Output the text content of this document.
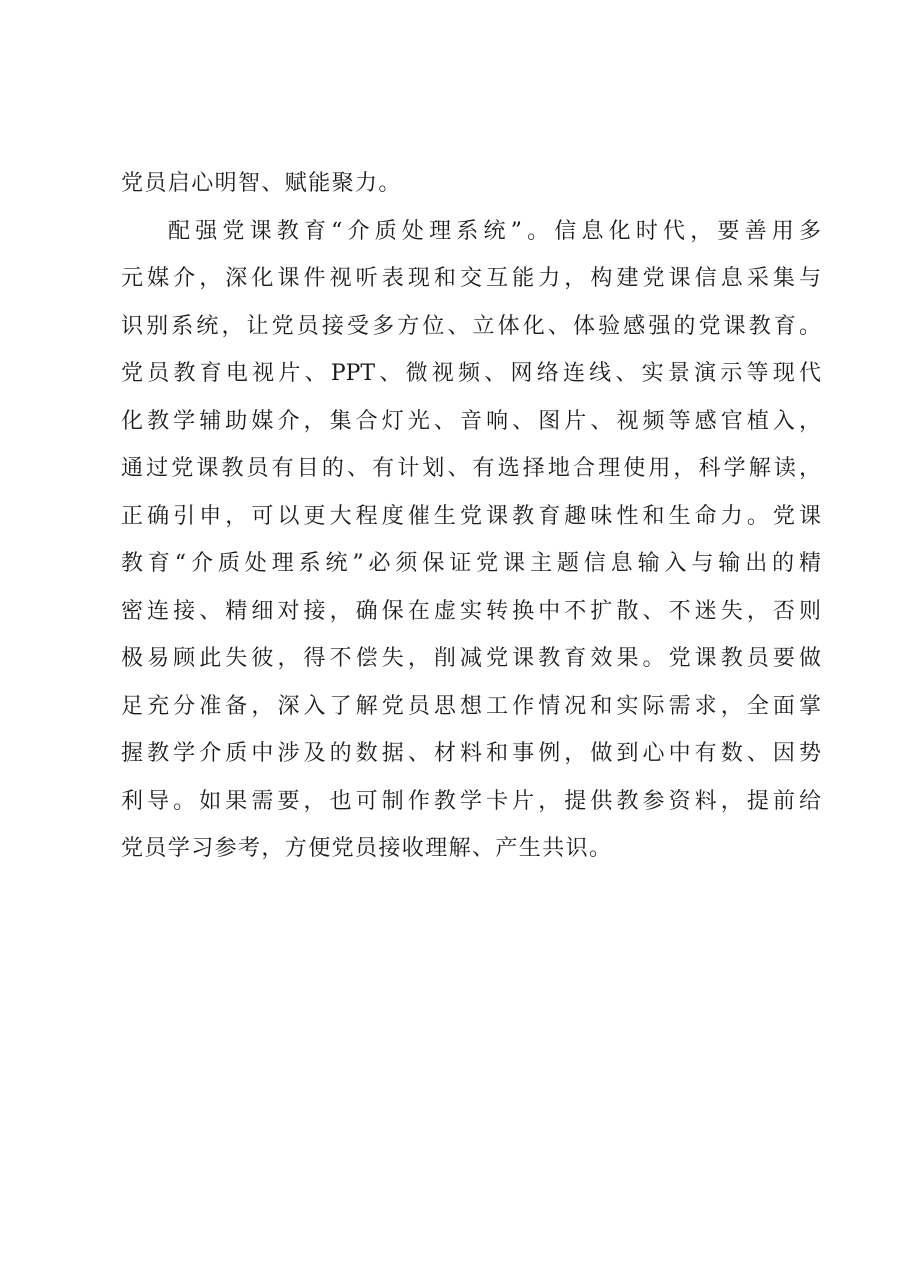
党员启心明智、赋能聚力。
配强党课教育“介质处理系统”。信息化时代，要善用多
元媒介，深化课件视听表现和交互能力，构建党课信息采集与
识别系统，让党员接受多方位、立体化、体验感强的党课教育。
党员教育电视片、PPT、微视频、网络连线、实景演示等现代
化教学辅助媒介，集合灯光、音响、图片、视频等感官植入，
通过党课教员有目的、有计划、有选择地合理使用，科学解读，
正确引申，可以更大程度催生党课教育趣味性和生命力。党课
教育“介质处理系统”必须保证党课主题信息输入与输出的精
密连接、精细对接，确保在虚实转换中不扩散、不迷失，否则
极易顾此失彼，得不偿失，削减党课教育效果。党课教员要做
足充分准备，深入了解党员思想工作情况和实际需求，全面掌
握教学介质中涉及的数据、材料和事例，做到心中有数、因势
利导。如果需要，也可制作教学卡片，提供教参资料，提前给
党员学习参考，方便党员接收理解、产生共识。
